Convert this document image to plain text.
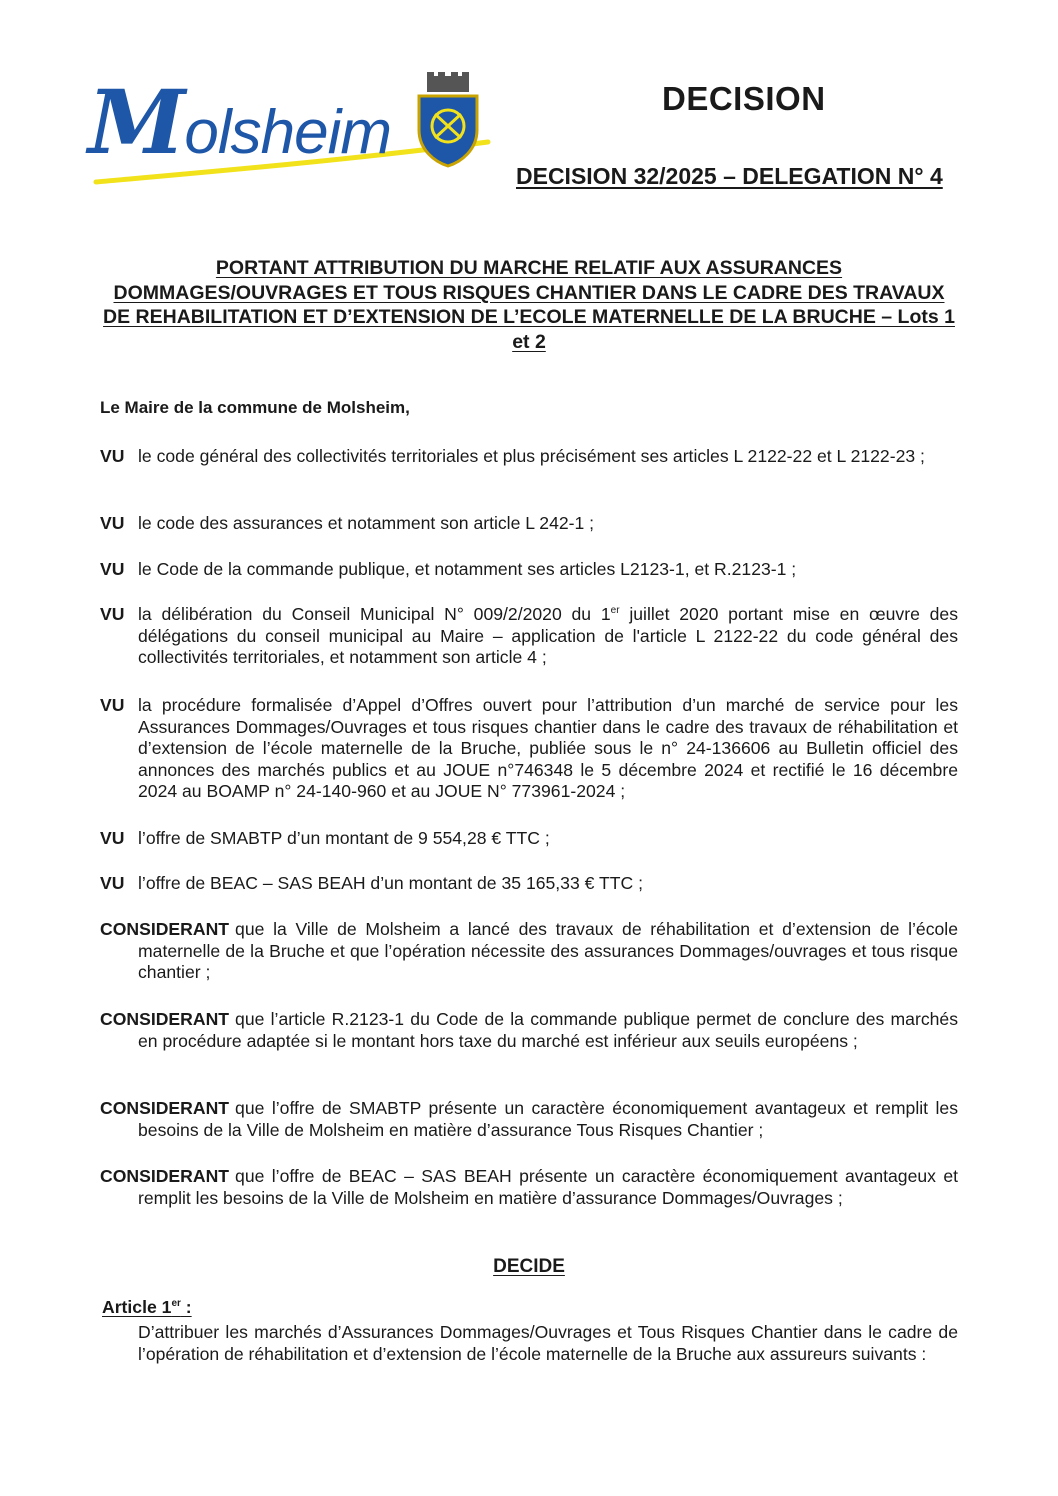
Molsheim	DECISION
DECISION 32/2025 – DELEGATION N° 4
PORTANT ATTRIBUTION DU MARCHE RELATIF AUX ASSURANCES DOMMAGES/OUVRAGES ET TOUS RISQUES CHANTIER DANS LE CADRE DES TRAVAUX DE REHABILITATION ET D’EXTENSION DE L’ECOLE MATERNELLE DE LA BRUCHE – Lots 1 et 2
Le Maire de la commune de Molsheim,
VU le code général des collectivités territoriales et plus précisément ses articles L 2122-22 et L 2122-23 ;
VU le code des assurances et notamment son article L 242-1 ;
VU le Code de la commande publique, et notamment ses articles L2123-1, et R.2123-1 ;
VU la délibération du Conseil Municipal N° 009/2/2020 du 1er juillet 2020 portant mise en œuvre des délégations du conseil municipal au Maire – application de l'article L 2122-22 du code général des collectivités territoriales, et notamment son article 4 ;
VU la procédure formalisée d’Appel d’Offres ouvert pour l’attribution d’un marché de service pour les Assurances Dommages/Ouvrages et tous risques chantier dans le cadre des travaux de réhabilitation et d’extension de l’école maternelle de la Bruche, publiée sous le n° 24-136606 au Bulletin officiel des annonces des marchés publics et au JOUE n°746348 le 5 décembre 2024 et rectifié le 16 décembre 2024 au BOAMP n° 24-140-960 et au JOUE N° 773961-2024 ;
VU l’offre de SMABTP d’un montant de 9 554,28 € TTC ;
VU l’offre de BEAC – SAS BEAH d’un montant de 35 165,33 € TTC ;
CONSIDERANT que la Ville de Molsheim a lancé des travaux de réhabilitation et d’extension de l’école maternelle de la Bruche et que l’opération nécessite des assurances Dommages/ouvrages et tous risque chantier ;
CONSIDERANT que l’article R.2123-1 du Code de la commande publique permet de conclure des marchés en procédure adaptée si le montant hors taxe du marché est inférieur aux seuils européens ;
CONSIDERANT que l’offre de SMABTP présente un caractère économiquement avantageux et remplit les besoins de la Ville de Molsheim en matière d’assurance Tous Risques Chantier ;
CONSIDERANT que l’offre de BEAC – SAS BEAH présente un caractère économiquement avantageux et remplit les besoins de la Ville de Molsheim en matière d’assurance Dommages/Ouvrages ;
DECIDE
Article 1er :
D’attribuer les marchés d’Assurances Dommages/Ouvrages et Tous Risques Chantier dans le cadre de l’opération de réhabilitation et d’extension de l’école maternelle de la Bruche aux assureurs suivants :
